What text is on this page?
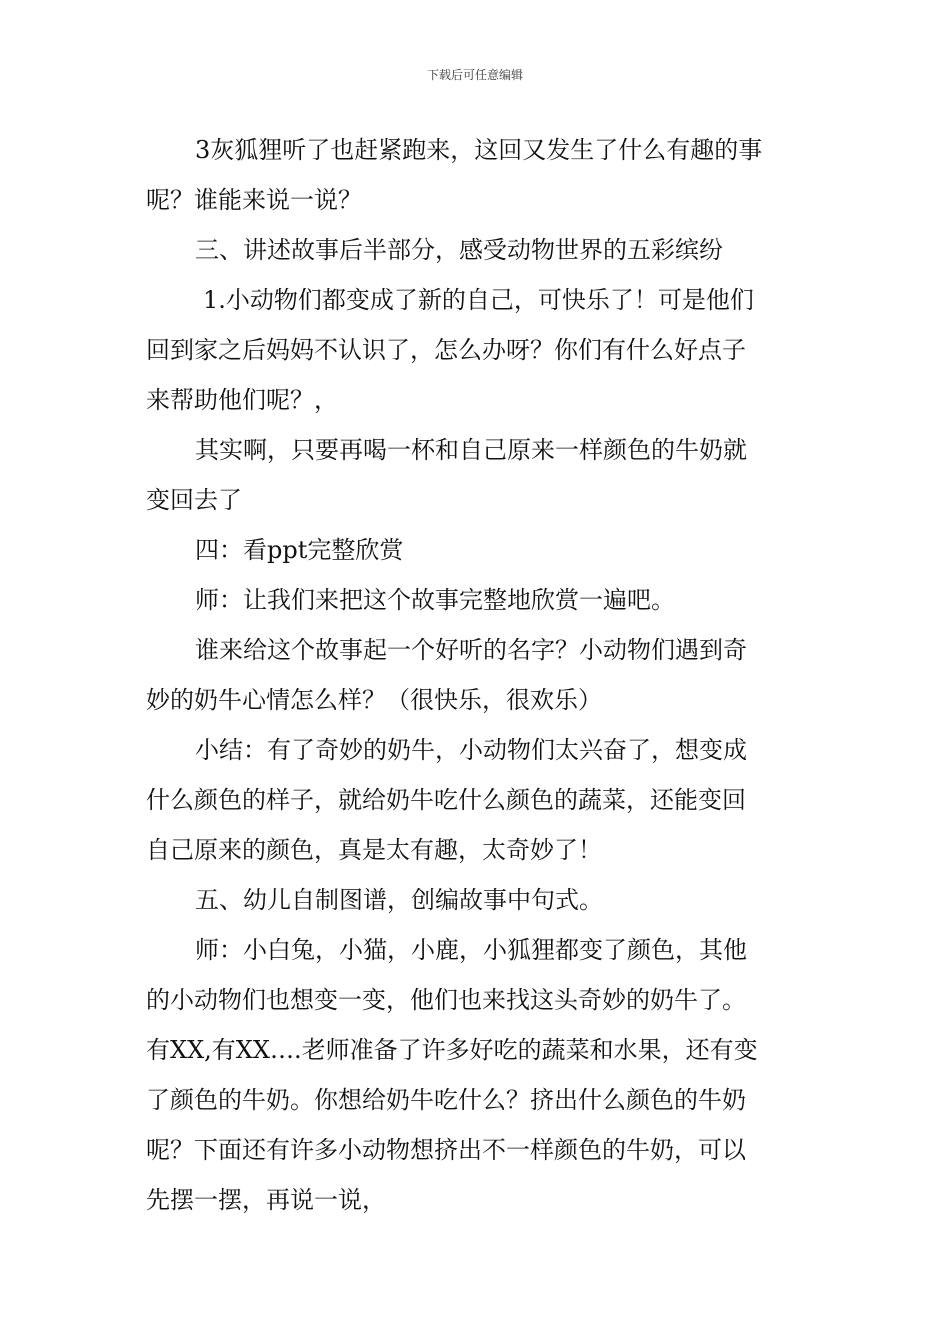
下载后可任意编辑
3灰狐狸听了也赶紧跑来，这回又发生了什么有趣的事
呢？谁能来说一说？
三、讲述故事后半部分，感受动物世界的五彩缤纷
1.小动物们都变成了新的自己，可快乐了！可是他们
回到家之后妈妈不认识了，怎么办呀？你们有什么好点子
来帮助他们呢？，
其实啊，只要再喝一杯和自己原来一样颜色的牛奶就
变回去了
四：看ppt完整欣赏
师：让我们来把这个故事完整地欣赏一遍吧。
谁来给这个故事起一个好听的名字？小动物们遇到奇
妙的奶牛心情怎么样？（很快乐，很欢乐）
小结：有了奇妙的奶牛，小动物们太兴奋了，想变成
什么颜色的样子，就给奶牛吃什么颜色的蔬菜，还能变回
自己原来的颜色，真是太有趣，太奇妙了！
五、幼儿自制图谱，创编故事中句式。
师：小白兔，小猫，小鹿，小狐狸都变了颜色，其他
的小动物们也想变一变，他们也来找这头奇妙的奶牛了。
有XX,有XX….老师准备了许多好吃的蔬菜和水果，还有变
了颜色的牛奶。你想给奶牛吃什么？挤出什么颜色的牛奶
呢？下面还有许多小动物想挤出不一样颜色的牛奶，可以
先摆一摆，再说一说，
